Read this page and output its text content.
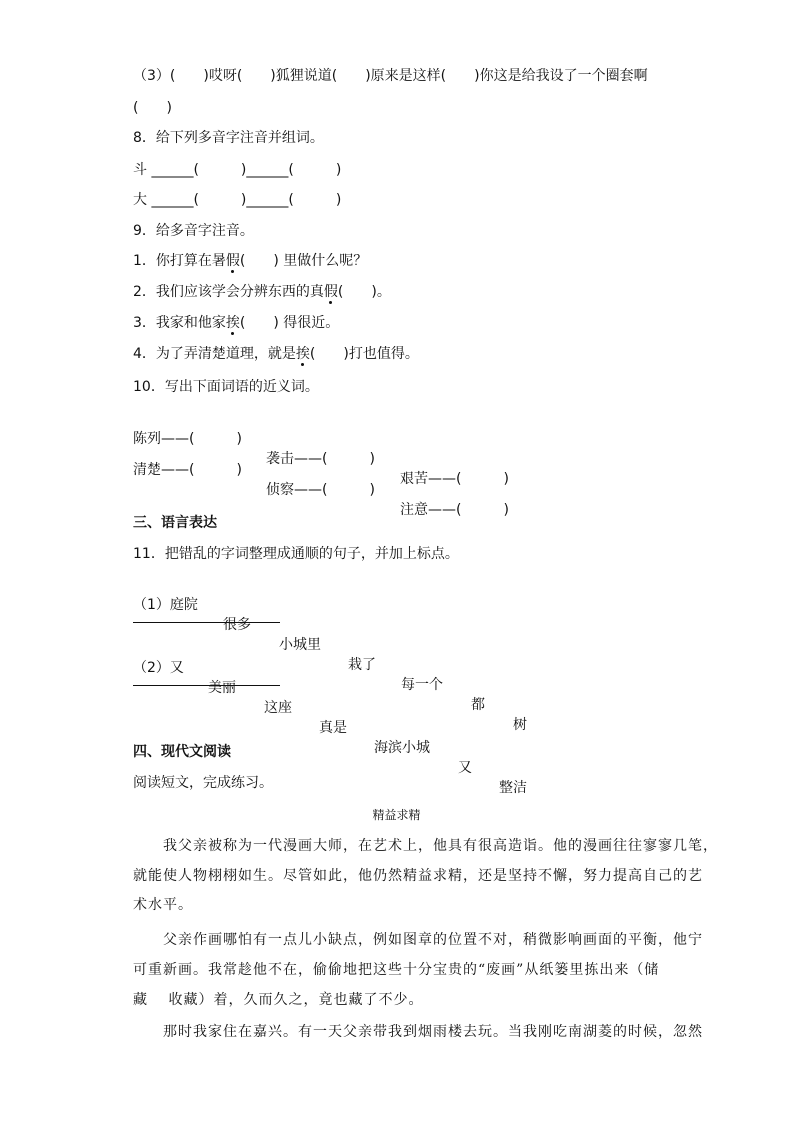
（3）(　　)哎呀(　　)狐狸说道(　　)原来是这样(　　)你这是给我设了一个圈套啊
(　　)
8．给下列多音字注音并组词。
斗 ______(　　　)______(　　　)
大 ______(　　　)______(　　　)
9．给多音字注音。
1．你打算在暑假(　　) 里做什么呢？
2．我们应该学会分辨东西的真假(　　)。
3．我家和他家挨(　　) 得很近。
4．为了弄清楚道理，就是挨(　　)打也值得。
10．写出下面词语的近义词。

陈列——(　　　)

袭击——(　　　)

艰苦——(　　　)

清楚——(　　　)

侦察——(　　　)

注意——(　　　)

三、语言表达
11．把错乱的字词整理成通顺的句子，并加上标点。

（1）庭院

很多

小城里

栽了

每一个

都

树

（2）又

美丽

这座

真是

海滨小城

又

整洁

四、现代文阅读
阅读短文，完成练习。
精益求精
　　我父亲被称为一代漫画大师，在艺术上，他具有很高造诣。他的漫画往往寥寥几笔，
就能使人物栩栩如生。尽管如此，他仍然精益求精，还是坚持不懈，努力提高自己的艺
术水平。
　　父亲作画哪怕有一点儿小缺点，例如图章的位置不对，稍微影响画面的平衡，他宁
可重新画。我常趁他不在，偷偷地把这些十分宝贵的“废画”从纸篓里拣出来（储
藏　 收藏）着，久而久之，竟也藏了不少。
　　那时我家住在嘉兴。有一天父亲带我到烟雨楼去玩。当我刚吃南湖菱的时候，忽然
